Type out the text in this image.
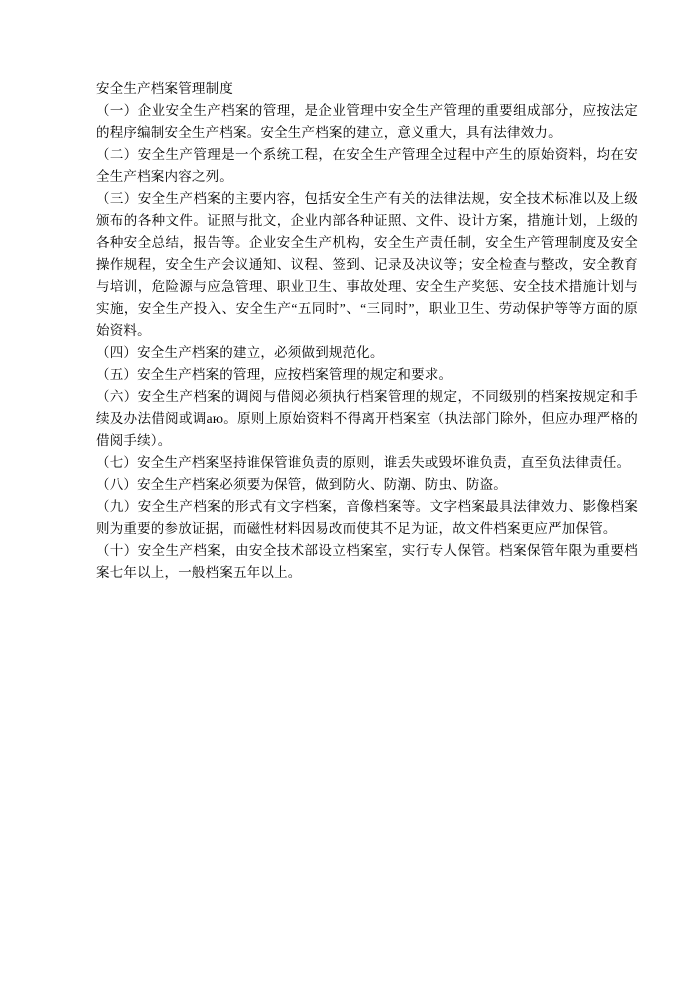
安全生产档案管理制度

（一）企业安全生产档案的管理，是企业管理中安全生产管理的重要组成部分，应按法定的程序编制安全生产档案。安全生产档案的建立，意义重大，具有法律效力。

（二）安全生产管理是一个系统工程，在安全生产管理全过程中产生的原始资料，均在安全生产档案内容之列。

（三）安全生产档案的主要内容，包括安全生产有关的法律法规，安全技术标准以及上级颁布的各种文件。证照与批文，企业内部各种证照、文件、设计方案，措施计划，上级的各种安全总结，报告等。企业安全生产机构，安全生产责任制，安全生产管理制度及安全操作规程，安全生产会议通知、议程、签到、记录及决议等；安全检查与整改，安全教育与培训，危险源与应急管理、职业卫生、事故处理、安全生产奖惩、安全技术措施计划与实施，安全生产投入、安全生产“五同时”、“三同时”，职业卫生、劳动保护等等方面的原始资料。

（四）安全生产档案的建立，必须做到规范化。

（五）安全生产档案的管理，应按档案管理的规定和要求。

（六）安全生产档案的调阅与借阅必须执行档案管理的规定，不同级别的档案按规定和手续及办法借阅或调аю。原则上原始资料不得离开档案室（执法部门除外，但应办理严格的借阅手续）。

（七）安全生产档案坚持谁保管谁负责的原则，谁丢失或毁坏谁负责，直至负法律责任。

（八）安全生产档案必须要为保管，做到防火、防潮、防虫、防盗。

（九）安全生产档案的形式有文字档案，音像档案等。文字档案最具法律效力、影像档案则为重要的参放证据，而磁性材料因易改而使其不足为证，故文件档案更应严加保管。

（十）安全生产档案，由安全技术部设立档案室，实行专人保管。档案保管年限为重要档案七年以上，一般档案五年以上。
